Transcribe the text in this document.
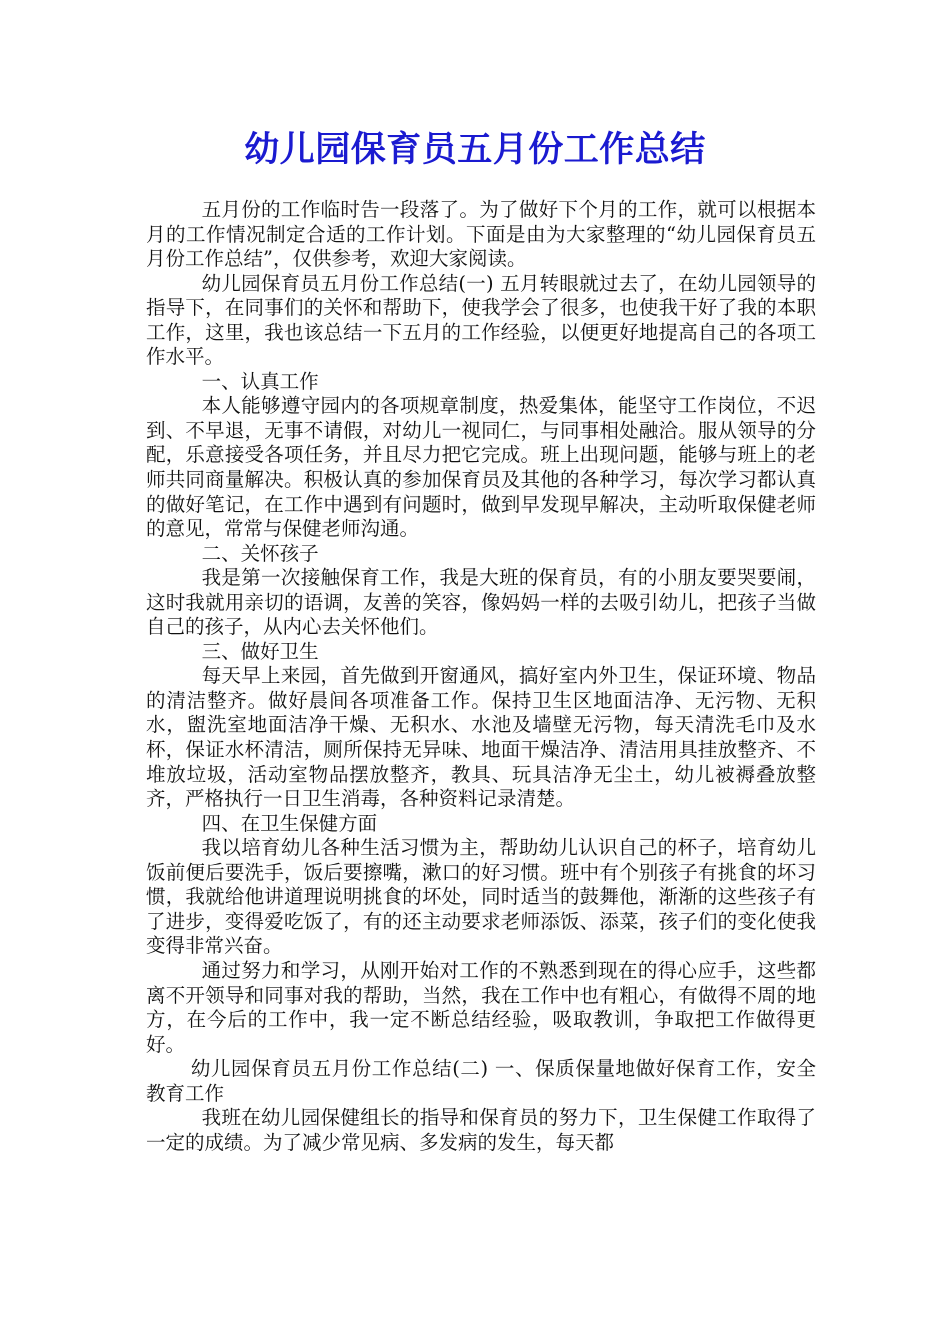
幼儿园保育员五月份工作总结

五月份的工作临时告一段落了。为了做好下个月的工作，就可以根据本月的工作情况制定合适的工作计划。下面是由为大家整理的“幼儿园保育员五月份工作总结”，仅供参考，欢迎大家阅读。

幼儿园保育员五月份工作总结(一) 五月转眼就过去了，在幼儿园领导的指导下，在同事们的关怀和帮助下，使我学会了很多，也使我干好了我的本职工作，这里，我也该总结一下五月的工作经验，以便更好地提高自己的各项工作水平。

一、认真工作

本人能够遵守园内的各项规章制度，热爱集体，能坚守工作岗位，不迟到、不早退，无事不请假，对幼儿一视同仁，与同事相处融洽。服从领导的分配，乐意接受各项任务，并且尽力把它完成。班上出现问题，能够与班上的老师共同商量解决。积极认真的参加保育员及其他的各种学习，每次学习都认真的做好笔记，在工作中遇到有问题时，做到早发现早解决，主动听取保健老师的意见，常常与保健老师沟通。

二、关怀孩子

我是第一次接触保育工作，我是大班的保育员，有的小朋友要哭要闹，这时我就用亲切的语调，友善的笑容，像妈妈一样的去吸引幼儿，把孩子当做自己的孩子，从内心去关怀他们。

三、做好卫生

每天早上来园，首先做到开窗通风，搞好室内外卫生，保证环境、物品的清洁整齐。做好晨间各项准备工作。保持卫生区地面洁净、无污物、无积水，盥洗室地面洁净干燥、无积水、水池及墙壁无污物，每天清洗毛巾及水杯，保证水杯清洁，厕所保持无异味、地面干燥洁净、清洁用具挂放整齐、不堆放垃圾，活动室物品摆放整齐，教具、玩具洁净无尘土，幼儿被褥叠放整齐，严格执行一日卫生消毒，各种资料记录清楚。

四、在卫生保健方面

我以培育幼儿各种生活习惯为主，帮助幼儿认识自己的杯子，培育幼儿饭前便后要洗手，饭后要擦嘴，漱口的好习惯。班中有个别孩子有挑食的坏习惯，我就给他讲道理说明挑食的坏处，同时适当的鼓舞他，渐渐的这些孩子有了进步，变得爱吃饭了，有的还主动要求老师添饭、添菜，孩子们的变化使我变得非常兴奋。

通过努力和学习，从刚开始对工作的不熟悉到现在的得心应手，这些都离不开领导和同事对我的帮助，当然，我在工作中也有粗心，有做得不周的地方，在今后的工作中，我一定不断总结经验，吸取教训，争取把工作做得更好。

幼儿园保育员五月份工作总结(二) 一、保质保量地做好保育工作，安全教育工作

我班在幼儿园保健组长的指导和保育员的努力下，卫生保健工作取得了一定的成绩。为了减少常见病、多发病的发生，每天都
